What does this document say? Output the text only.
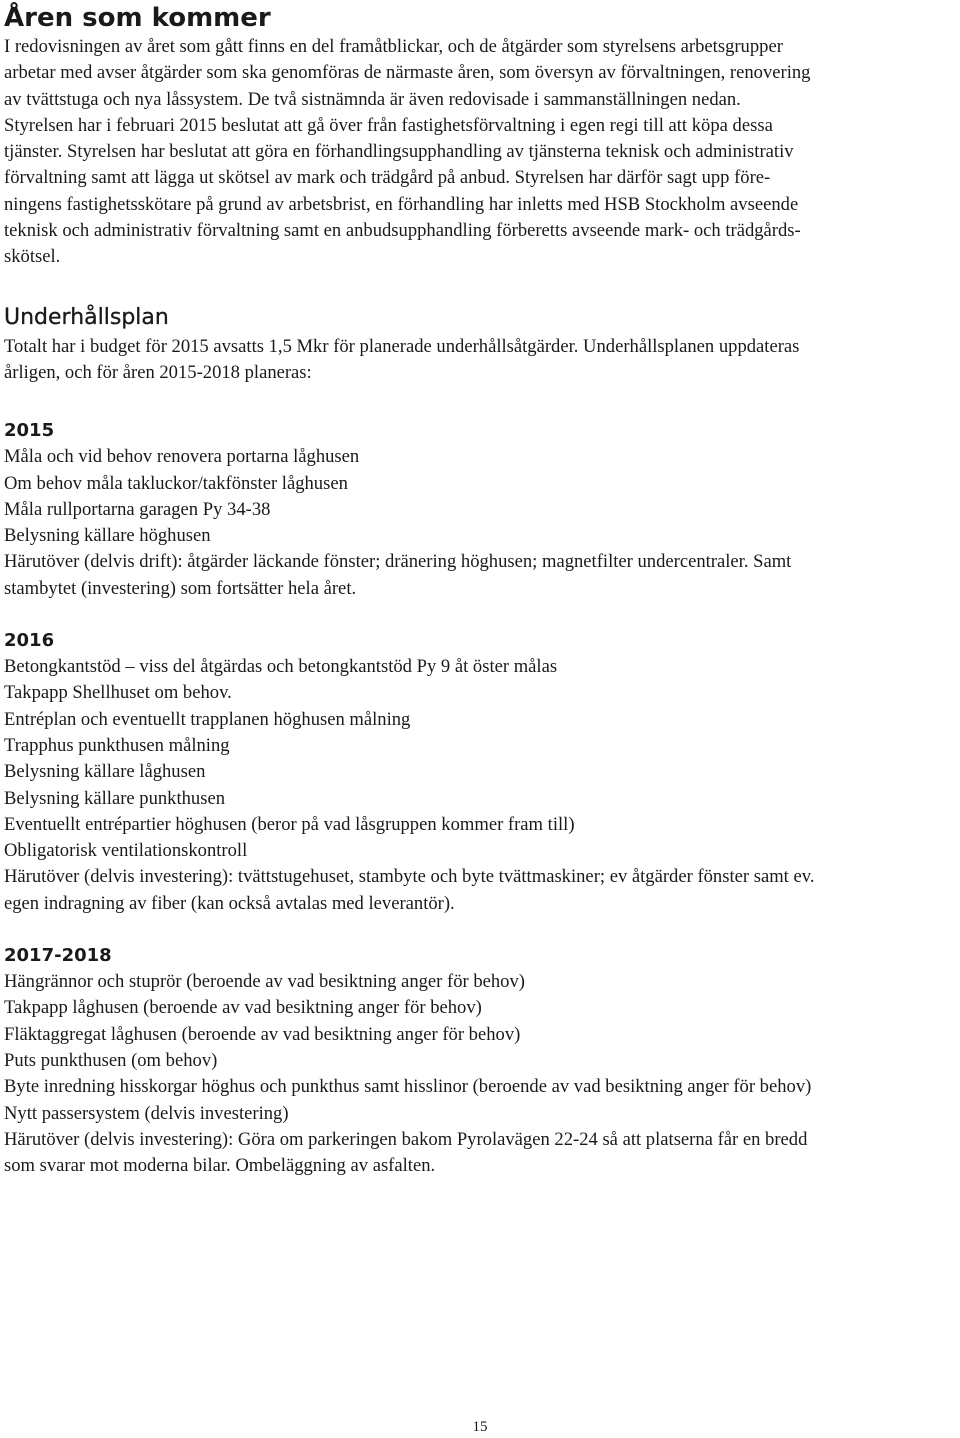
Åren som kommer
I redovisningen av året som gått finns en del framåtblickar, och de åtgärder som styrelsens arbetsgrupper
arbetar med avser åtgärder som ska genomföras de närmaste åren, som översyn av förvaltningen, renovering
av tvättstuga och nya låssystem. De två sistnämnda är även redovisade i sammanställningen nedan.
Styrelsen har i februari 2015 beslutat att gå över från fastighetsförvaltning i egen regi till att köpa dessa
tjänster. Styrelsen har beslutat att göra en förhandlingsupphandling av tjänsterna teknisk och administrativ
förvaltning samt att lägga ut skötsel av mark och trädgård på anbud. Styrelsen har därför sagt upp före-
ningens fastighetsskötare på grund av arbetsbrist, en förhandling har inletts med HSB Stockholm avseende
teknisk och administrativ förvaltning samt en anbudsupphandling förberetts avseende mark- och trädgårds-
skötsel.
Underhållsplan
Totalt har i budget för 2015 avsatts 1,5 Mkr för planerade underhållsåtgärder. Underhållsplanen uppdateras
årligen, och för åren 2015-2018 planeras:
2015
Måla och vid behov renovera portarna låghusen
Om behov måla takluckor/takfönster låghusen
Måla rullportarna garagen Py 34-38
Belysning källare höghusen
Härutöver (delvis drift): åtgärder läckande fönster; dränering höghusen; magnetfilter undercentraler. Samt
stambytet (investering) som fortsätter hela året.
2016
Betongkantstöd – viss del åtgärdas och betongkantstöd Py 9 åt öster målas
Takpapp Shellhuset om behov.
Entréplan och eventuellt trapplanen höghusen målning
Trapphus punkthusen målning
Belysning källare låghusen
Belysning källare punkthusen
Eventuellt entrépartier höghusen (beror på vad låsgruppen kommer fram till)
Obligatorisk ventilationskontroll
Härutöver (delvis investering): tvättstugehuset, stambyte och byte tvättmaskiner; ev åtgärder fönster samt ev.
egen indragning av fiber (kan också avtalas med leverantör).
2017-2018
Hängrännor och stuprör (beroende av vad besiktning anger för behov)
Takpapp låghusen (beroende av vad besiktning anger för behov)
Fläktaggregat låghusen (beroende av vad besiktning anger för behov)
Puts punkthusen (om behov)
Byte inredning hisskorgar höghus och punkthus samt hisslinor (beroende av vad besiktning anger för behov)
Nytt passersystem (delvis investering)
Härutöver (delvis investering): Göra om parkeringen bakom Pyrolavägen 22-24 så att platserna får en bredd
som svarar mot moderna bilar. Ombeläggning av asfalten.
15
